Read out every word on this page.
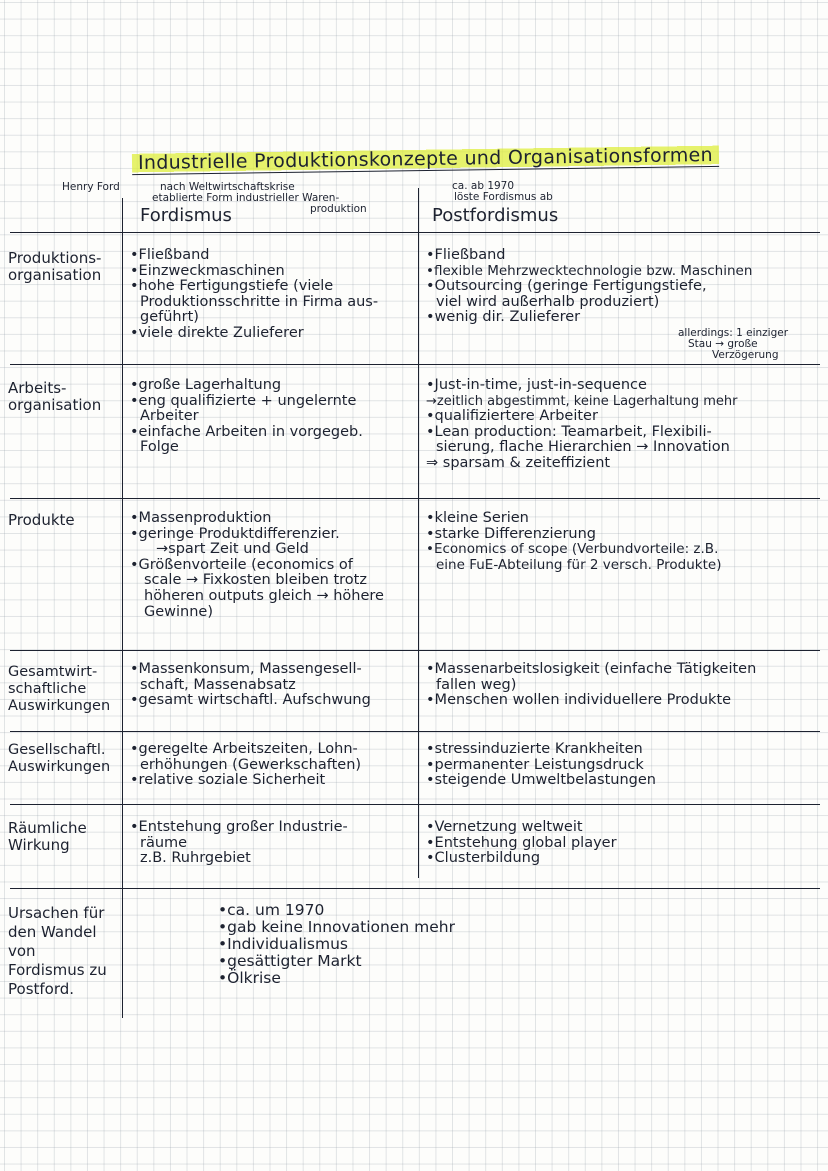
Industrielle Produktionskonzepte und Organisationsformen
Henry Ford	nach Weltwirtschaftskrise
etablierte Form industrieller Waren-
produktion
Fordismus
ca. ab 1970
löste Fordismus ab
Postfordismus
Produktions-organisation
•Fließband
•Einzweckmaschinen
•hohe Fertigungstiefe (viele
Produktionsschritte in Firma aus-
geführt)
•viele direkte Zulieferer
•Fließband
•flexible Mehrzwecktechnologie bzw. Maschinen
•Outsourcing (geringe Fertigungstiefe,
viel wird außerhalb produziert)
•wenig dir. Zulieferer
allerdings: 1 einziger
Stau → große
Verzögerung
Arbeits-organisation
•große Lagerhaltung
•eng qualifizierte + ungelernte
Arbeiter
•einfache Arbeiten in vorgegeb.
Folge
•Just-in-time, just-in-sequence
→zeitlich abgestimmt, keine Lagerhaltung mehr
•qualifiziertere Arbeiter
•Lean production: Teamarbeit, Flexibili-
sierung, flache Hierarchien → Innovation
⇒ sparsam & zeiteffizient
Produkte	•Massenproduktion
•geringe Produktdifferenzier.
→spart Zeit und Geld
•Größenvorteile (economics of
scale → Fixkosten bleiben trotz
höheren outputs gleich → höhere
Gewinne)
•kleine Serien
•starke Differenzierung
•Economics of scope (Verbundvorteile: z.B.
eine FuE-Abteilung für 2 versch. Produkte)
Gesamtwirt-schaftliche Auswirkungen
•Massenkonsum, Massengesell-
schaft, Massenabsatz
•gesamt wirtschaftl. Aufschwung
•Massenarbeitslosigkeit (einfache Tätigkeiten
fallen weg)
•Menschen wollen individuellere Produkte
Gesellschaftl. Auswirkungen
•geregelte Arbeitszeiten, Lohn-
erhöhungen (Gewerkschaften)
•relative soziale Sicherheit
•stressinduzierte Krankheiten
•permanenter Leistungsdruck
•steigende Umweltbelastungen
Räumliche Wirkung
•Entstehung großer Industrie-
räume
z.B. Ruhrgebiet
•Vernetzung weltweit
•Entstehung global player
•Clusterbildung
Ursachen für den Wandel von Fordismus zu Postford.
•ca. um 1970
•gab keine Innovationen mehr
•Individualismus
•gesättigter Markt
•Ölkrise
